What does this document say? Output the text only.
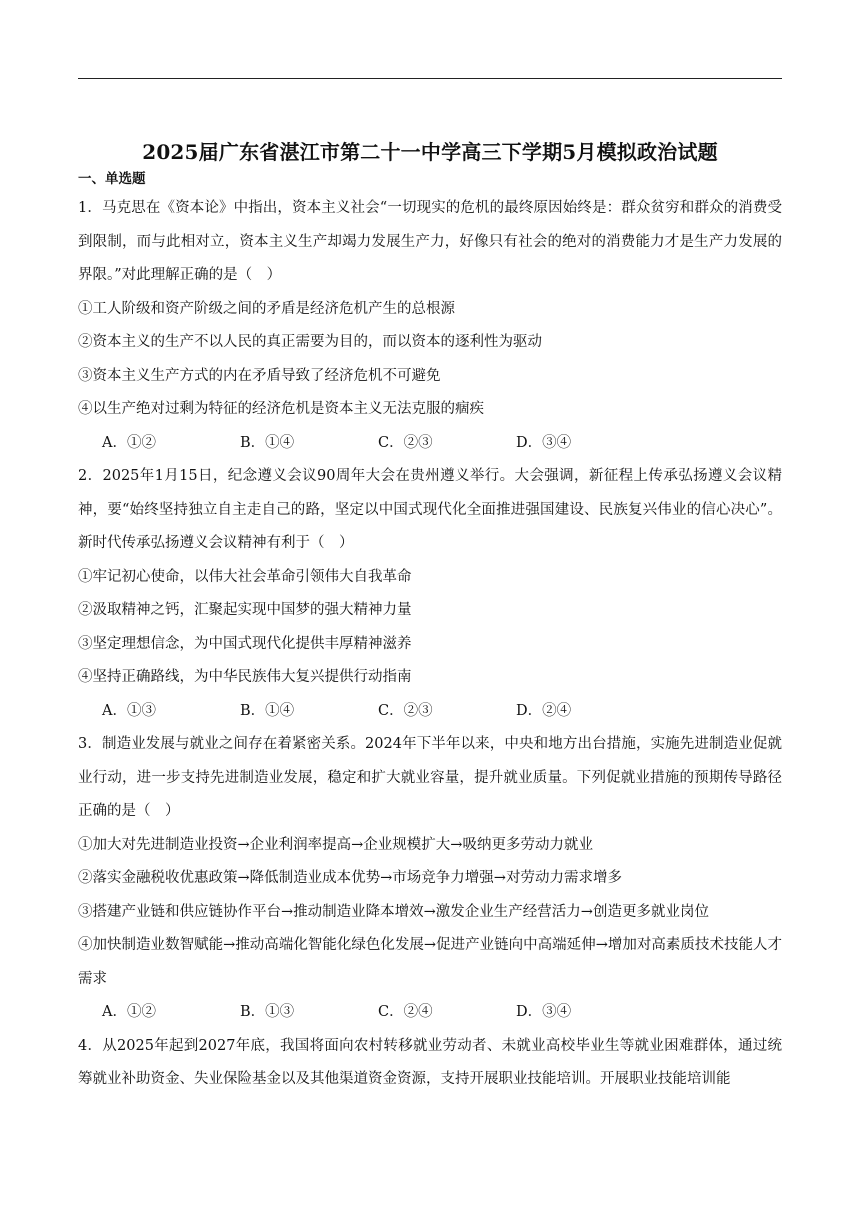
2025届广东省湛江市第二十一中学高三下学期5月模拟政治试题

一、单选题

1．马克思在《资本论》中指出，资本主义社会“一切现实的危机的最终原因始终是：群众贫穷和群众的消费受到限制，而与此相对立，资本主义生产却竭力发展生产力，好像只有社会的绝对的消费能力才是生产力发展的界限。”对此理解正确的是（　）

①工人阶级和资产阶级之间的矛盾是经济危机产生的总根源

②资本主义的生产不以人民的真正需要为目的，而以资本的逐利性为驱动

③资本主义生产方式的内在矛盾导致了经济危机不可避免

④以生产绝对过剩为特征的经济危机是资本主义无法克服的痼疾

A．①②	B．①④	C．②③	D．③④

2．2025年1月15日，纪念遵义会议90周年大会在贵州遵义举行。大会强调，新征程上传承弘扬遵义会议精神，要“始终坚持独立自主走自己的路，坚定以中国式现代化全面推进强国建设、民族复兴伟业的信心决心”。新时代传承弘扬遵义会议精神有利于（　）

①牢记初心使命，以伟大社会革命引领伟大自我革命

②汲取精神之钙，汇聚起实现中国梦的强大精神力量

③坚定理想信念，为中国式现代化提供丰厚精神滋养

④坚持正确路线，为中华民族伟大复兴提供行动指南

A．①③	B．①④	C．②③	D．②④

3．制造业发展与就业之间存在着紧密关系。2024年下半年以来，中央和地方出台措施，实施先进制造业促就业行动，进一步支持先进制造业发展，稳定和扩大就业容量，提升就业质量。下列促就业措施的预期传导路径正确的是（　）

①加大对先进制造业投资→企业利润率提高→企业规模扩大→吸纳更多劳动力就业

②落实金融税收优惠政策→降低制造业成本优势→市场竞争力增强→对劳动力需求增多

③搭建产业链和供应链协作平台→推动制造业降本增效→激发企业生产经营活力→创造更多就业岗位

④加快制造业数智赋能→推动高端化智能化绿色化发展→促进产业链向中高端延伸→增加对高素质技术技能人才需求

A．①②	B．①③	C．②④	D．③④

4．从2025年起到2027年底，我国将面向农村转移就业劳动者、未就业高校毕业生等就业困难群体，通过统筹就业补助资金、失业保险基金以及其他渠道资金资源，支持开展职业技能培训。开展职业技能培训能
